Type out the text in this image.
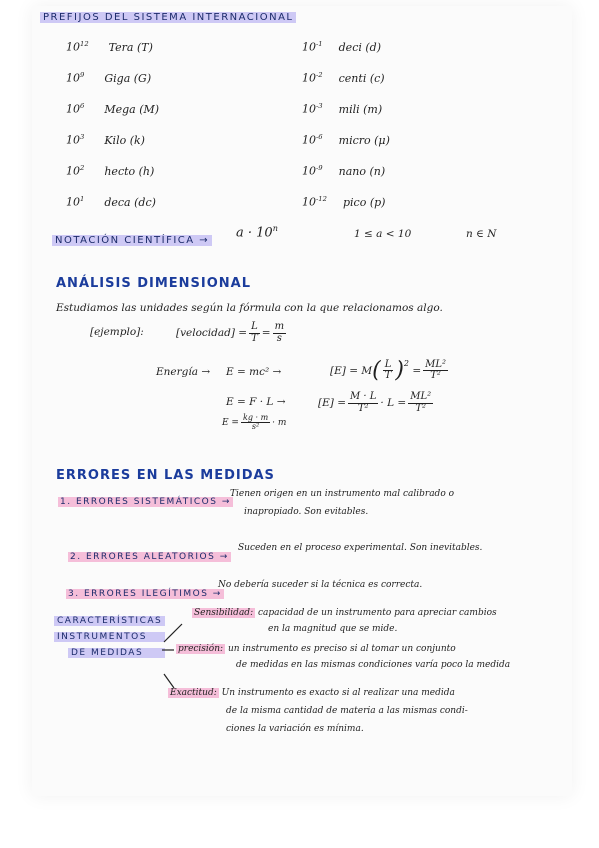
PREFIJOS DEL SISTEMA INTERNACIONAL
$10^{12}$ Tera (T)
$10^9$ Giga (G)
$10^6$ Mega (M)
$10^3$ Kilo (k)
$10^2$ hecto (h)
$10^1$ deca (dc)
$10^{-1}$ deci (d)
$10^{-2}$ centi (c)
$10^{-3}$ mili (m)
$10^{-6}$ micro (μ)
$10^{-9}$ nano (n)
$10^{-12}$ pico (p)
NOTACIÓN CIENTÍFICA →
$a \cdot 10^n$	1 ≤ a < 10	n ∈ N
ANÁLISIS DIMENSIONAL
Estudiamos las unidades según la fórmula con la que relacionamos algo.
[ejemplo]:	[velocidad] = $\frac{L}{T} = \frac{m}{s}$
Energía → E = mc² →	[E] = M ( $\frac{L}{T} )^2$
= $\frac{\text{ML²}}{\text{T²}}$
E = F · L →	$[E] = \frac{M \cdot L}{\text{T²}} \cdot L = \frac{\text{ML²}}{\text{T²}}$
$E = \frac{kg \cdot m}{\text{s²}} \cdot m$
ERRORES EN LAS MEDIDAS
1. ERRORES SISTEMÁTICOS →
Tienen origen en un instrumento mal calibrado o
inapropiado. Son evitables.
2. ERRORES ALEATORIOS →
Suceden en el proceso experimental. Son inevitables.
3. ERRORES ILEGÍTIMOS →
No debería suceder si la técnica es correcta.
CARACTERÍSTICAS
INSTRUMENTOS
DE MEDIDAS
Sensibilidad: capacidad de un instrumento para apreciar cambios
en la magnitud que se mide.
precisión: un instrumento es preciso si al tomar un conjunto
de medidas en las mismas condiciones varía poco la medida
Exactitud: Un instrumento es exacto si al realizar una medida
de la misma cantidad de materia a las mismas condi-
ciones la variación es mínima.
